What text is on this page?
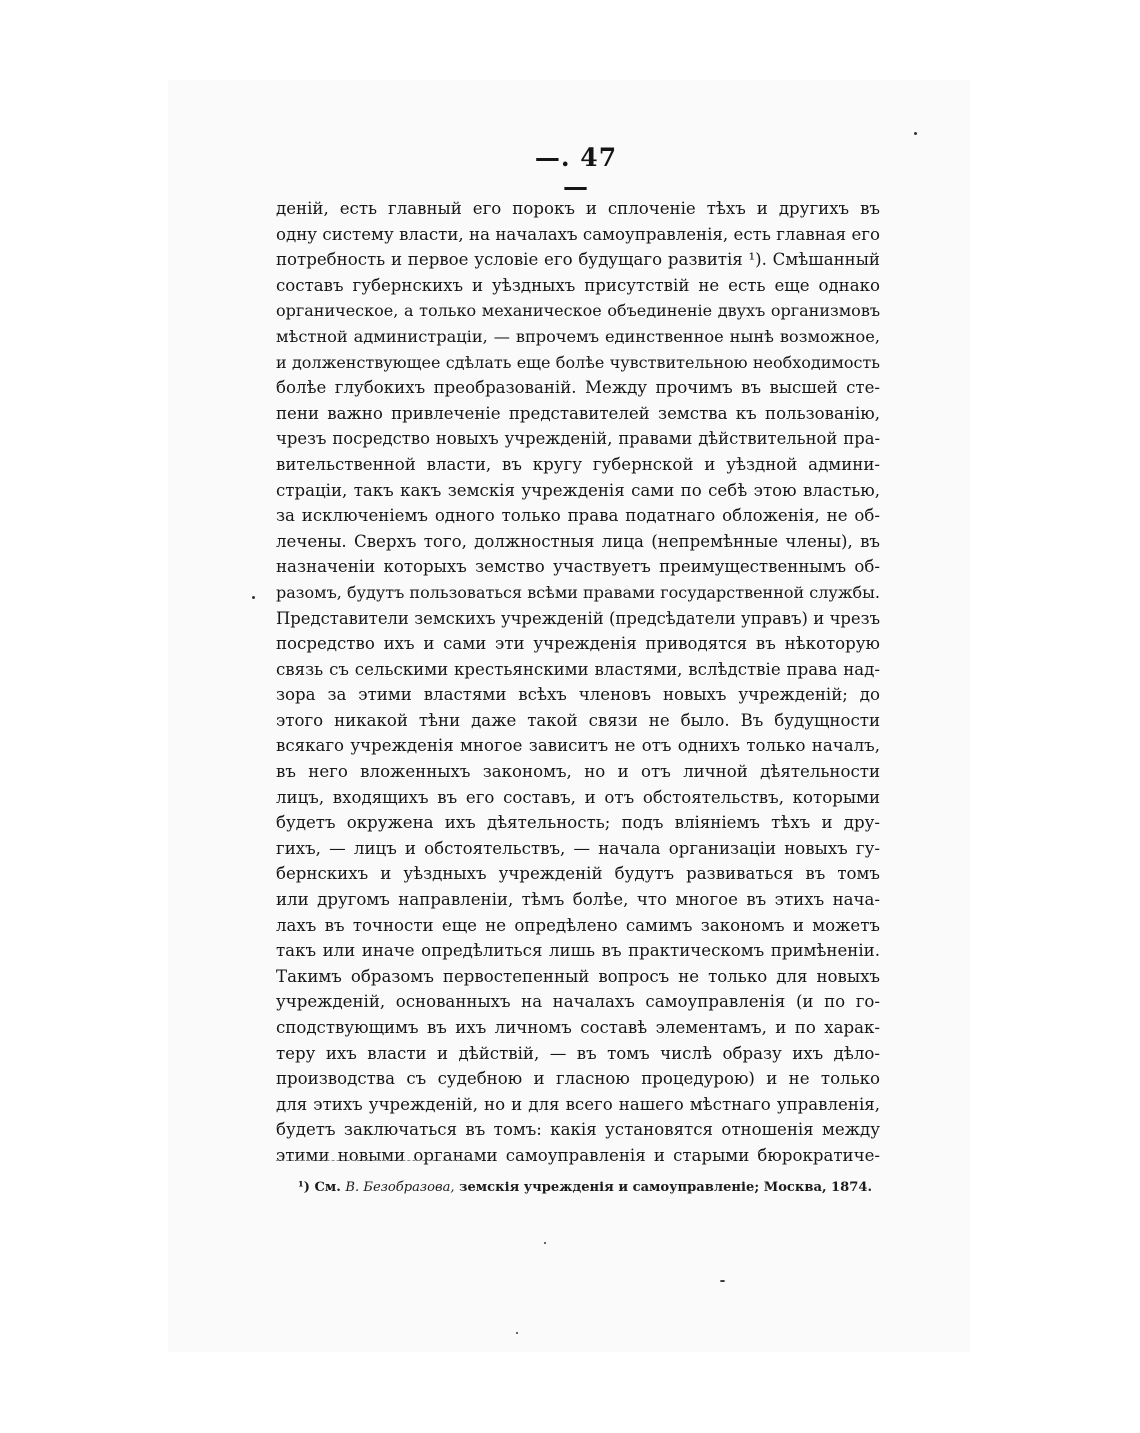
—. 47 —
деній, есть главный его порокъ и сплоченіе тѣхъ и другихъ въ
одну систему власти, на началахъ самоуправленія, есть главная его
потребность и первое условіе его будущаго развитія ¹). Смѣшанный
составъ губернскихъ и уѣздныхъ присутствій не есть еще однако
органическое, а только механическое объединеніе двухъ организмовъ
мѣстной администраціи, — впрочемъ единственное нынѣ возможное,
и долженствующее сдѣлать еще болѣе чувствительною необходимость
болѣе глубокихъ преобразованій. Между прочимъ въ высшей сте-
пени важно привлеченіе представителей земства къ пользованію,
чрезъ посредство новыхъ учрежденій, правами дѣйствительной пра-
вительственной власти, въ кругу губернской и уѣздной админи-
страціи, такъ какъ земскія учрежденія сами по себѣ этою властью,
за исключеніемъ одного только права податнаго обложенія, не об-
лечены. Сверхъ того, должностныя лица (непремѣнные члены), въ
назначеніи которыхъ земство участвуетъ преимущественнымъ об-
разомъ, будутъ пользоваться всѣми правами государственной службы.
Представители земскихъ учрежденій (предсѣдатели управъ) и чрезъ
посредство ихъ и сами эти учрежденія приводятся въ нѣкоторую
связь съ сельскими крестьянскими властями, вслѣдствіе права над-
зора за этими властями всѣхъ членовъ новыхъ учрежденій; до
этого никакой тѣни даже такой связи не было. Въ будущности
всякаго учрежденія многое зависитъ не отъ однихъ только началъ,
въ него вложенныхъ закономъ, но и отъ личной дѣятельности
лицъ, входящихъ въ его составъ, и отъ обстоятельствъ, которыми
будетъ окружена ихъ дѣятельность; подъ вліяніемъ тѣхъ и дру-
гихъ, — лицъ и обстоятельствъ, — начала организаціи новыхъ гу-
бернскихъ и уѣздныхъ учрежденій будутъ развиваться въ томъ
или другомъ направленіи, тѣмъ болѣе, что многое въ этихъ нача-
лахъ въ точности еще не опредѣлено самимъ закономъ и можетъ
такъ или иначе опредѣлиться лишь въ практическомъ примѣненіи.
Такимъ образомъ первостепенный вопросъ не только для новыхъ
учрежденій, основанныхъ на началахъ самоуправленія (и по го-
сподствующимъ въ ихъ личномъ составѣ элементамъ, и по харак-
теру ихъ власти и дѣйствій, — въ томъ числѣ образу ихъ дѣло-
производства съ судебною и гласною процедурою) и не только
для этихъ учрежденій, но и для всего нашего мѣстнаго управленія,
будетъ заключаться въ томъ: какія установятся отношенія между
этими новыми органами самоуправленія и старыми бюрократиче-
¹) См. В. Безобразова, земскія учрежденія и самоуправленіе; Москва, 1874.
